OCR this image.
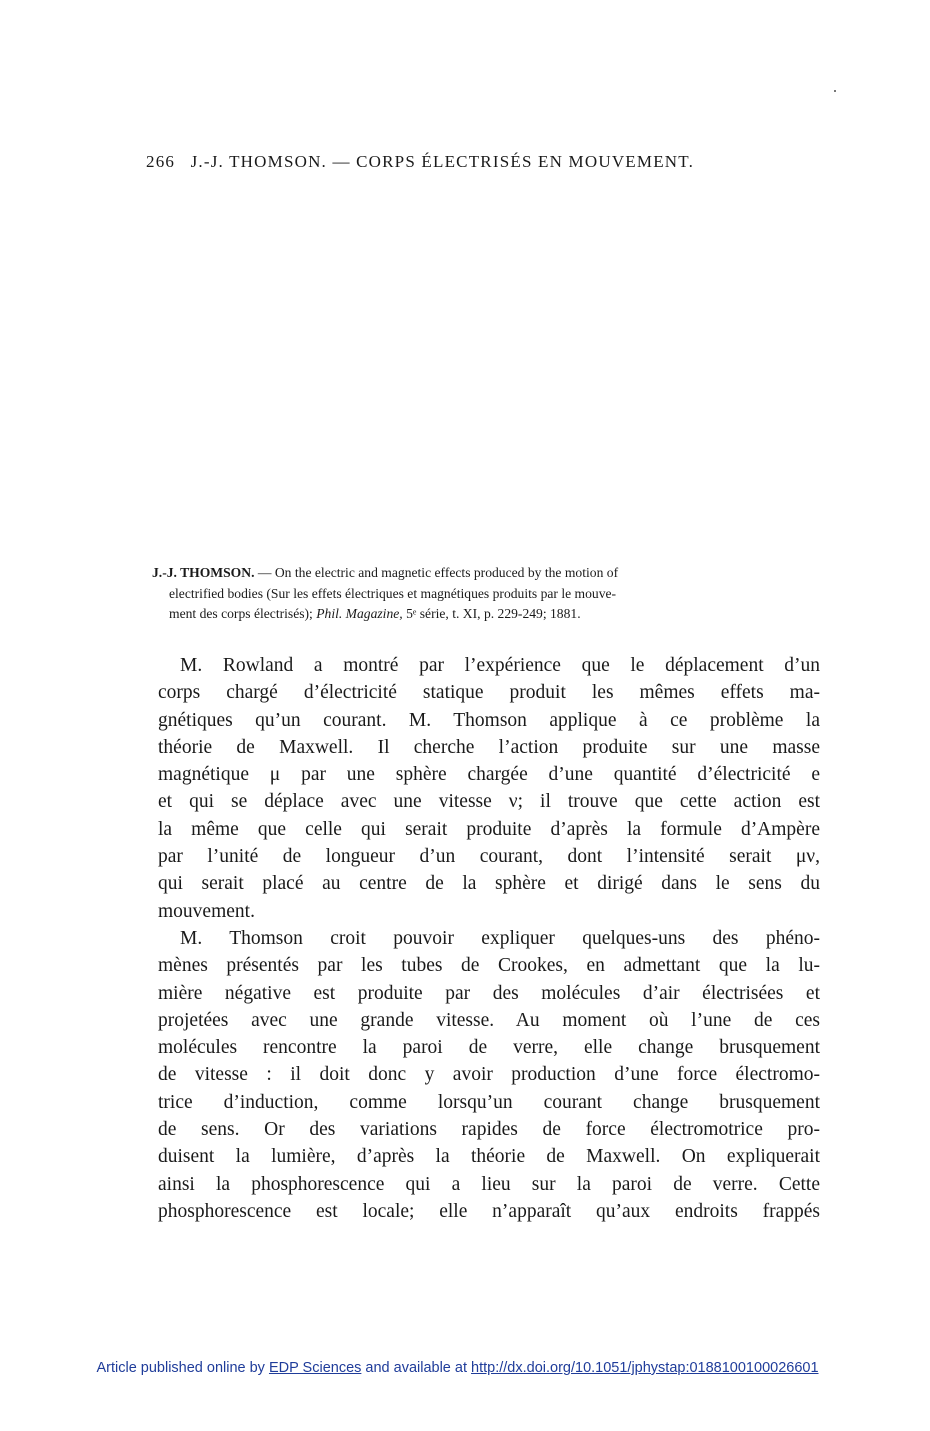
266 J.-J. THOMSON. — CORPS ÉLECTRISÉS EN MOUVEMENT.
J.-J. THOMSON. — On the electric and magnetic effects produced by the motion of
electrified bodies (Sur les effets électriques et magnétiques produits par le mouve-
ment des corps électrisés); Phil. Magazine, 5ᵉ série, t. XI, p. 229-249; 1881.
M. Rowland a montré par l’expérience que le déplacement d’un
corps chargé d’électricité statique produit les mêmes effets ma-
gnétiques qu’un courant. M. Thomson applique à ce problème la
théorie de Maxwell. Il cherche l’action produite sur une masse
magnétique μ par une sphère chargée d’une quantité d’électricité e
et qui se déplace avec une vitesse ν; il trouve que cette action est
la même que celle qui serait produite d’après la formule d’Ampère
par l’unité de longueur d’un courant, dont l’intensité serait μν,
qui serait placé au centre de la sphère et dirigé dans le sens du
mouvement.
M. Thomson croit pouvoir expliquer quelques-uns des phéno-
mènes présentés par les tubes de Crookes, en admettant que la lu-
mière négative est produite par des molécules d’air électrisées et
projetées avec une grande vitesse. Au moment où l’une de ces
molécules rencontre la paroi de verre, elle change brusquement
de vitesse : il doit donc y avoir production d’une force électromo-
trice d’induction, comme lorsqu’un courant change brusquement
de sens. Or des variations rapides de force électromotrice pro-
duisent la lumière, d’après la théorie de Maxwell. On expliquerait
ainsi la phosphorescence qui a lieu sur la paroi de verre. Cette
phosphorescence est locale; elle n’apparaît qu’aux endroits frappés
Article published online by EDP Sciences and available at http://dx.doi.org/10.1051/jphystap:0188100100026601
